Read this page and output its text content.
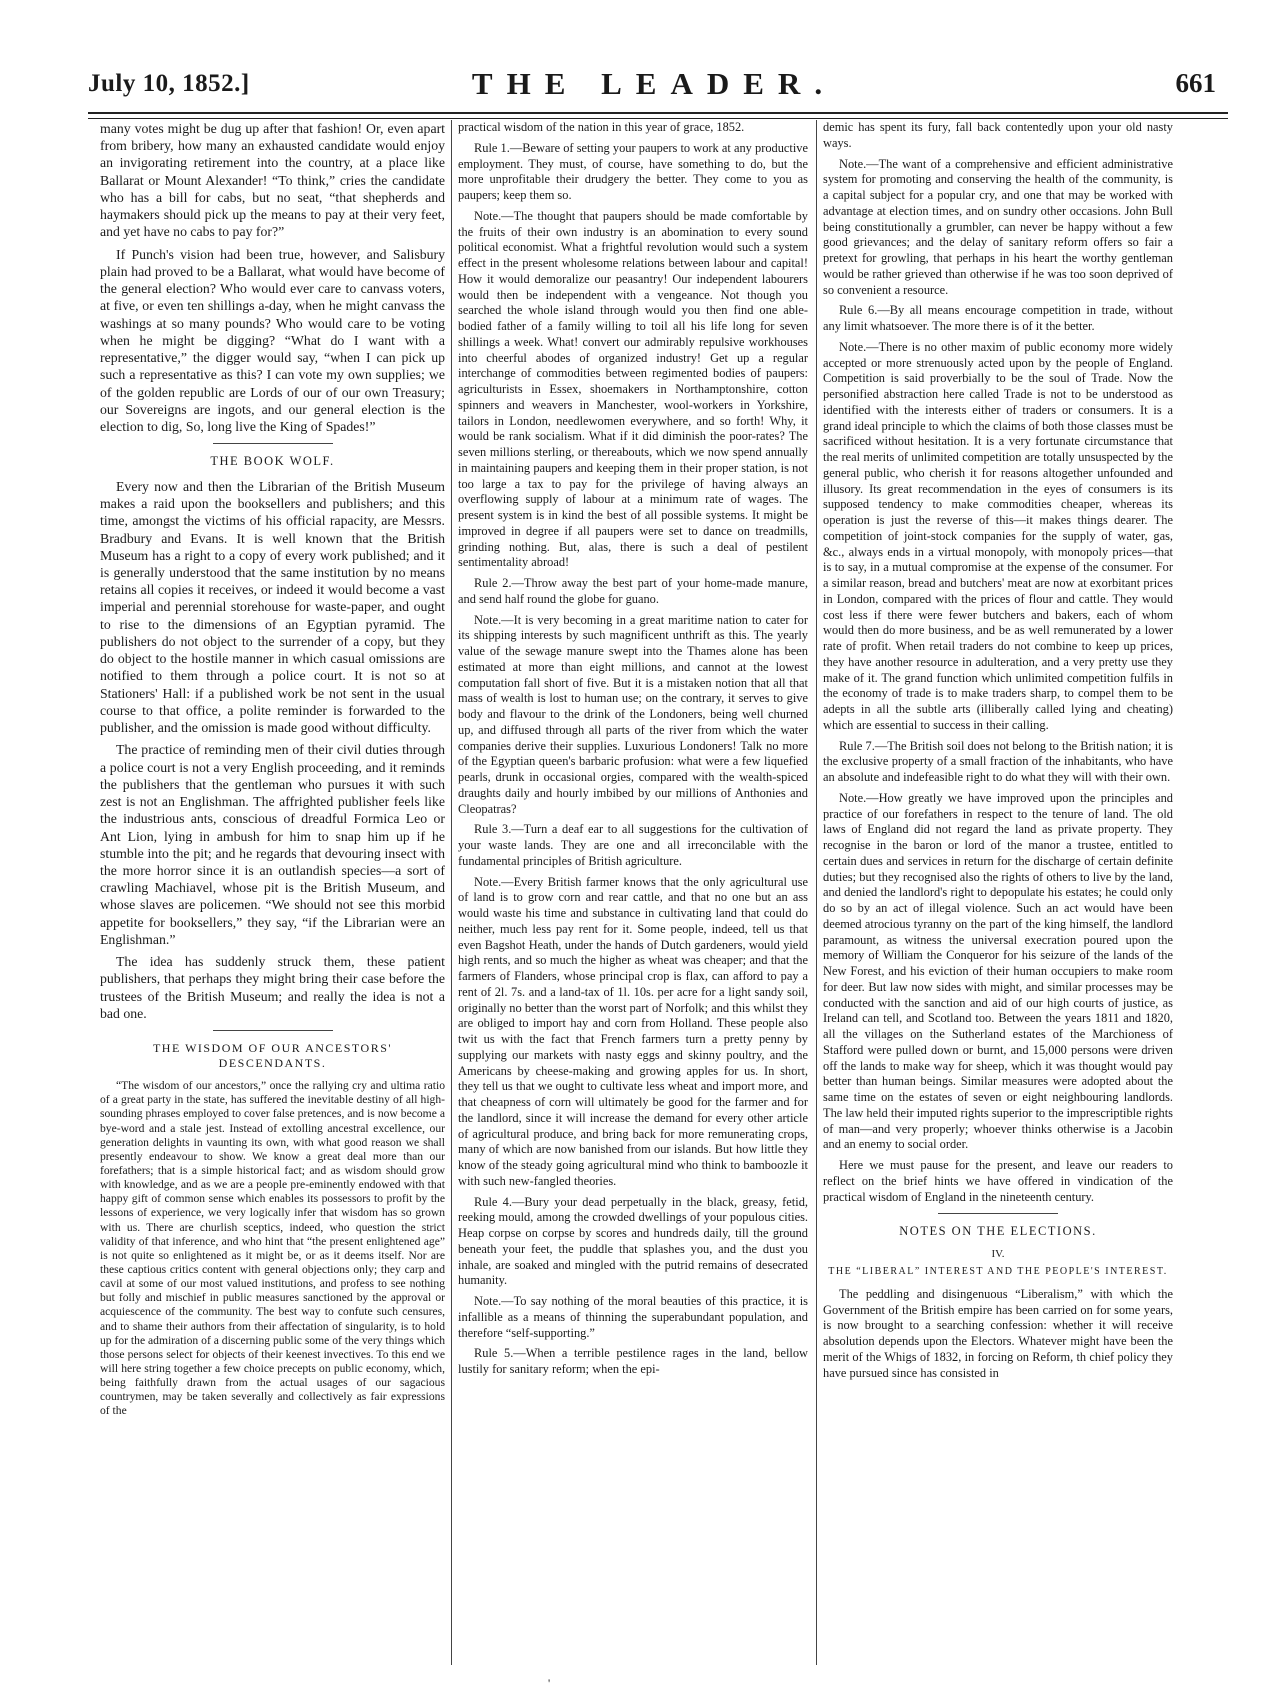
July 10, 1852.]	THE LEADER.	661

many votes might be dug up after that fashion! Or, even apart from bribery, how many an exhausted candidate would enjoy an invigorating retirement into the country, at a place like Ballarat or Mount Alexander! “To think,” cries the candidate who has a bill for cabs, but no seat, “that shepherds and haymakers should pick up the means to pay at their very feet, and yet have no cabs to pay for?”

If Punch's vision had been true, however, and Salisbury plain had proved to be a Ballarat, what would have become of the general election? Who would ever care to canvass voters, at five, or even ten shillings a-day, when he might canvass the washings at so many pounds? Who would care to be voting when he might be digging? “What do I want with a representative,” the digger would say, “when I can pick up such a representative as this? I can vote my own supplies; we of the golden republic are Lords of our of our own Treasury; our Sovereigns are ingots, and our general election is the election to dig, So, long live the King of Spades!”

THE BOOK WOLF.

Every now and then the Librarian of the British Museum makes a raid upon the booksellers and publishers; and this time, amongst the victims of his official rapacity, are Messrs. Bradbury and Evans. It is well known that the British Museum has a right to a copy of every work published; and it is generally understood that the same institution by no means retains all copies it receives, or indeed it would become a vast imperial and perennial storehouse for waste-paper, and ought to rise to the dimensions of an Egyptian pyramid. The publishers do not object to the surrender of a copy, but they do object to the hostile manner in which casual omissions are notified to them through a police court. It is not so at Stationers' Hall: if a published work be not sent in the usual course to that office, a polite reminder is forwarded to the publisher, and the omission is made good without difficulty.

The practice of reminding men of their civil duties through a police court is not a very English proceeding, and it reminds the publishers that the gentleman who pursues it with such zest is not an Englishman. The affrighted publisher feels like the industrious ants, conscious of dreadful Formica Leo or Ant Lion, lying in ambush for him to snap him up if he stumble into the pit; and he regards that devouring insect with the more horror since it is an outlandish species—a sort of crawling Machiavel, whose pit is the British Museum, and whose slaves are policemen. “We should not see this morbid appetite for booksellers,” they say, “if the Librarian were an Englishman.”

The idea has suddenly struck them, these patient publishers, that perhaps they might bring their case before the trustees of the British Museum; and really the idea is not a bad one.

THE WISDOM OF OUR ANCESTORS' DESCENDANTS.

“The wisdom of our ancestors,” once the rallying cry and ultima ratio of a great party in the state, has suffered the inevitable destiny of all high-sounding phrases employed to cover false pretences, and is now become a bye-word and a stale jest. Instead of extolling ancestral excellence, our generation delights in vaunting its own, with what good reason we shall presently endeavour to show. We know a great deal more than our forefathers; that is a simple historical fact; and as wisdom should grow with knowledge, and as we are a people pre-eminently endowed with that happy gift of common sense which enables its possessors to profit by the lessons of experience, we very logically infer that wisdom has so grown with us. There are churlish sceptics, indeed, who question the strict validity of that inference, and who hint that “the present enlightened age” is not quite so enlightened as it might be, or as it deems itself. Nor are these captious critics content with general objections only; they carp and cavil at some of our most valued institutions, and profess to see nothing but folly and mischief in public measures sanctioned by the approval or acquiescence of the community. The best way to confute such censures, and to shame their authors from their affectation of singularity, is to hold up for the admiration of a discerning public some of the very things which those persons select for objects of their keenest invectives. To this end we will here string together a few choice precepts on public economy, which, being faithfully drawn from the actual usages of our sagacious countrymen, may be taken severally and collectively as fair expressions of the

practical wisdom of the nation in this year of grace, 1852.

Rule 1.—Beware of setting your paupers to work at any productive employment. They must, of course, have something to do, but the more unprofitable their drudgery the better. They come to you as paupers; keep them so.

Note.—The thought that paupers should be made comfortable by the fruits of their own industry is an abomination to every sound political economist. What a frightful revolution would such a system effect in the present wholesome relations between labour and capital! How it would demoralize our peasantry! Our independent labourers would then be independent with a vengeance. Not though you searched the whole island through would you then find one able-bodied father of a family willing to toil all his life long for seven shillings a week. What! convert our admirably repulsive workhouses into cheerful abodes of organized industry! Get up a regular interchange of commodities between regimented bodies of paupers: agriculturists in Essex, shoemakers in Northamptonshire, cotton spinners and weavers in Manchester, wool-workers in Yorkshire, tailors in London, needlewomen everywhere, and so forth! Why, it would be rank socialism. What if it did diminish the poor-rates? The seven millions sterling, or thereabouts, which we now spend annually in maintaining paupers and keeping them in their proper station, is not too large a tax to pay for the privilege of having always an overflowing supply of labour at a minimum rate of wages. The present system is in kind the best of all possible systems. It might be improved in degree if all paupers were set to dance on treadmills, grinding nothing. But, alas, there is such a deal of pestilent sentimentality abroad!

Rule 2.—Throw away the best part of your home-made manure, and send half round the globe for guano.

Note.—It is very becoming in a great maritime nation to cater for its shipping interests by such magnificent unthrift as this. The yearly value of the sewage manure swept into the Thames alone has been estimated at more than eight millions, and cannot at the lowest computation fall short of five. But it is a mistaken notion that all that mass of wealth is lost to human use; on the contrary, it serves to give body and flavour to the drink of the Londoners, being well churned up, and diffused through all parts of the river from which the water companies derive their supplies. Luxurious Londoners! Talk no more of the Egyptian queen's barbaric profusion: what were a few liquefied pearls, drunk in occasional orgies, compared with the wealth-spiced draughts daily and hourly imbibed by our millions of Anthonies and Cleopatras?

Rule 3.—Turn a deaf ear to all suggestions for the cultivation of your waste lands. They are one and all irreconcilable with the fundamental principles of British agriculture.

Note.—Every British farmer knows that the only agricultural use of land is to grow corn and rear cattle, and that no one but an ass would waste his time and substance in cultivating land that could do neither, much less pay rent for it. Some people, indeed, tell us that even Bagshot Heath, under the hands of Dutch gardeners, would yield high rents, and so much the higher as wheat was cheaper; and that the farmers of Flanders, whose principal crop is flax, can afford to pay a rent of 2l. 7s. and a land-tax of 1l. 10s. per acre for a light sandy soil, originally no better than the worst part of Norfolk; and this whilst they are obliged to import hay and corn from Holland. These people also twit us with the fact that French farmers turn a pretty penny by supplying our markets with nasty eggs and skinny poultry, and the Americans by cheese-making and growing apples for us. In short, they tell us that we ought to cultivate less wheat and import more, and that cheapness of corn will ultimately be good for the farmer and for the landlord, since it will increase the demand for every other article of agricultural produce, and bring back for more remunerating crops, many of which are now banished from our islands. But how little they know of the steady going agricultural mind who think to bamboozle it with such new-fangled theories.

Rule 4.—Bury your dead perpetually in the black, greasy, fetid, reeking mould, among the crowded dwellings of your populous cities. Heap corpse on corpse by scores and hundreds daily, till the ground beneath your feet, the puddle that splashes you, and the dust you inhale, are soaked and mingled with the putrid remains of desecrated humanity.

Note.—To say nothing of the moral beauties of this practice, it is infallible as a means of thinning the superabundant population, and therefore “self-supporting.”

Rule 5.—When a terrible pestilence rages in the land, bellow lustily for sanitary reform; when the epi-

demic has spent its fury, fall back contentedly upon your old nasty ways.

Note.—The want of a comprehensive and efficient administrative system for promoting and conserving the health of the community, is a capital subject for a popular cry, and one that may be worked with advantage at election times, and on sundry other occasions. John Bull being constitutionally a grumbler, can never be happy without a few good grievances; and the delay of sanitary reform offers so fair a pretext for growling, that perhaps in his heart the worthy gentleman would be rather grieved than otherwise if he was too soon deprived of so convenient a resource.

Rule 6.—By all means encourage competition in trade, without any limit whatsoever. The more there is of it the better.

Note.—There is no other maxim of public economy more widely accepted or more strenuously acted upon by the people of England. Competition is said proverbially to be the soul of Trade. Now the personified abstraction here called Trade is not to be understood as identified with the interests either of traders or consumers. It is a grand ideal principle to which the claims of both those classes must be sacrificed without hesitation. It is a very fortunate circumstance that the real merits of unlimited competition are totally unsuspected by the general public, who cherish it for reasons altogether unfounded and illusory. Its great recommendation in the eyes of consumers is its supposed tendency to make commodities cheaper, whereas its operation is just the reverse of this—it makes things dearer. The competition of joint-stock companies for the supply of water, gas, &c., always ends in a virtual monopoly, with monopoly prices—that is to say, in a mutual compromise at the expense of the consumer. For a similar reason, bread and butchers' meat are now at exorbitant prices in London, compared with the prices of flour and cattle. They would cost less if there were fewer butchers and bakers, each of whom would then do more business, and be as well remunerated by a lower rate of profit. When retail traders do not combine to keep up prices, they have another resource in adulteration, and a very pretty use they make of it. The grand function which unlimited competition fulfils in the economy of trade is to make traders sharp, to compel them to be adepts in all the subtle arts (illiberally called lying and cheating) which are essential to success in their calling.

Rule 7.—The British soil does not belong to the British nation; it is the exclusive property of a small fraction of the inhabitants, who have an absolute and indefeasible right to do what they will with their own.

Note.—How greatly we have improved upon the principles and practice of our forefathers in respect to the tenure of land. The old laws of England did not regard the land as private property. They recognise in the baron or lord of the manor a trustee, entitled to certain dues and services in return for the discharge of certain definite duties; but they recognised also the rights of others to live by the land, and denied the landlord's right to depopulate his estates; he could only do so by an act of illegal violence. Such an act would have been deemed atrocious tyranny on the part of the king himself, the landlord paramount, as witness the universal execration poured upon the memory of William the Conqueror for his seizure of the lands of the New Forest, and his eviction of their human occupiers to make room for deer. But law now sides with might, and similar processes may be conducted with the sanction and aid of our high courts of justice, as Ireland can tell, and Scotland too. Between the years 1811 and 1820, all the villages on the Sutherland estates of the Marchioness of Stafford were pulled down or burnt, and 15,000 persons were driven off the lands to make way for sheep, which it was thought would pay better than human beings. Similar measures were adopted about the same time on the estates of seven or eight neighbouring landlords. The law held their imputed rights superior to the imprescriptible rights of man—and very properly; whoever thinks otherwise is a Jacobin and an enemy to social order.

Here we must pause for the present, and leave our readers to reflect on the brief hints we have offered in vindication of the practical wisdom of England in the nineteenth century.

NOTES ON THE ELECTIONS.
IV.
THE “LIBERAL” INTEREST AND THE PEOPLE'S INTEREST.

The peddling and disingenuous “Liberalism,” with which the Government of the British empire has been carried on for some years, is now brought to a searching confession: whether it will receive absolution depends upon the Electors. Whatever might have been the merit of the Whigs of 1832, in forcing on Reform, th chief policy they have pursued since has consisted in

'
